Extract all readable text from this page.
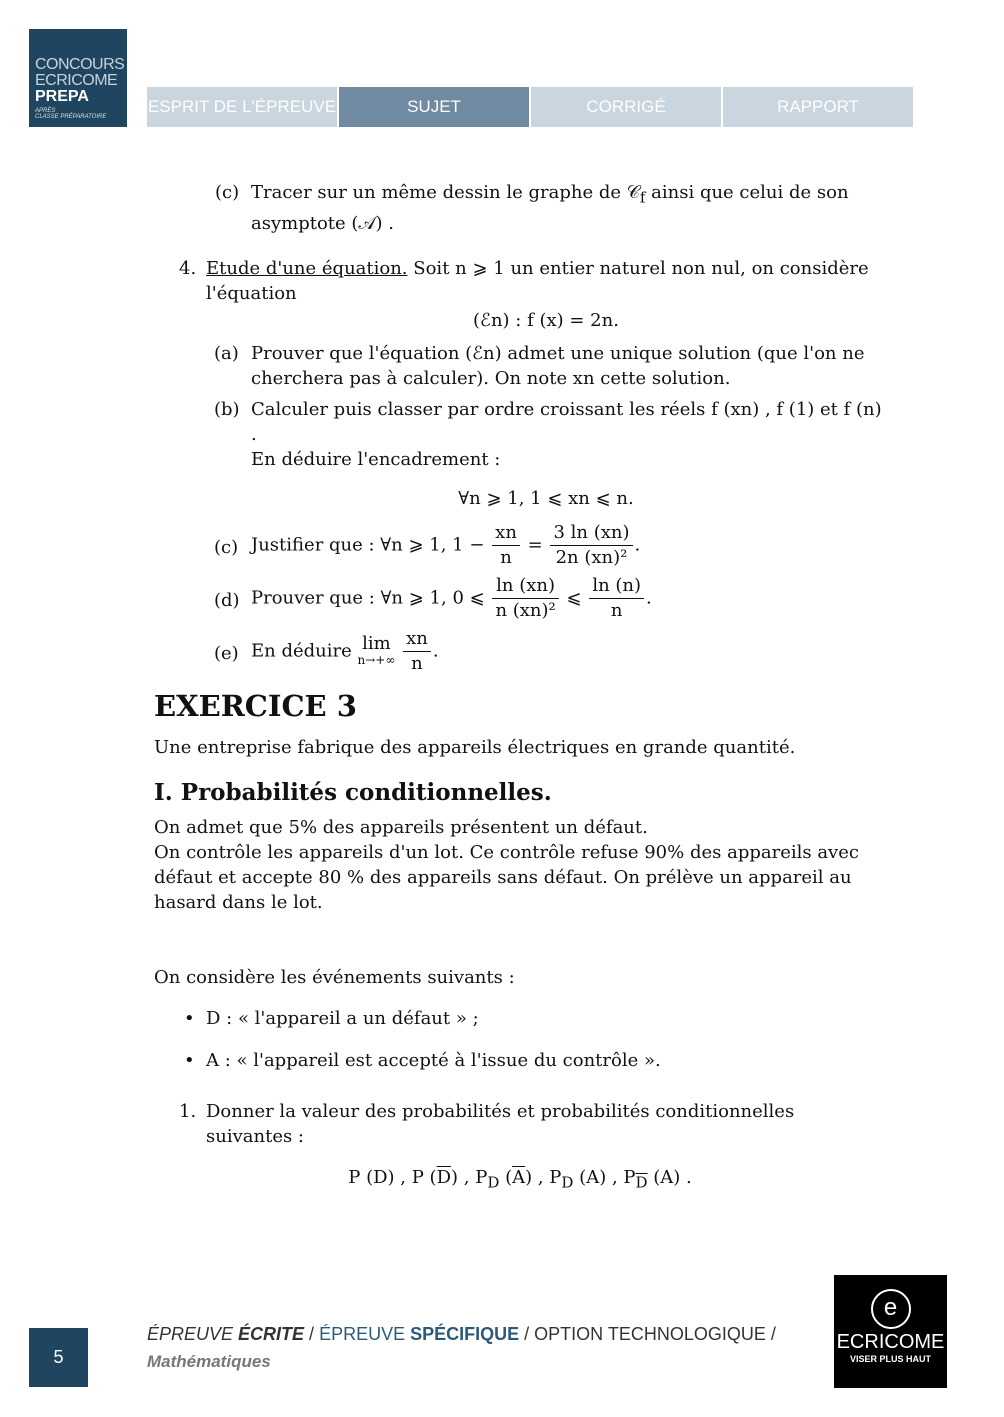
CONCOURS
ECRICOME
PREPA
APRÈS
CLASSE PRÉPARATOIRE
ESPRIT DE L'ÉPREUVE	SUJET	CORRIGÉ	RAPPORT
(c) Tracer sur un même dessin le graphe de 𝒞$_f$ ainsi que celui de son
asymptote (𝒜) .
4. Etude d'une équation. Soit n ⩾ 1 un entier naturel non nul, on considère
l'équation
(ℰn) : f (x) = 2n.
(a) Prouver que l'équation (ℰn) admet une unique solution (que l'on ne cherchera pas à calculer). On note xn cette solution.
(b) Calculer puis classer par ordre croissant les réels f (xn) , f (1) et f (n) .
En déduire l'encadrement :
∀n ⩾ 1, 1 ⩽ xn ⩽ n.
(c) Justifier que : ∀n ⩾ 1, $1 - \frac{xn}{n} = \frac{3 \ln (xn)}{\text{2n (xn)²}}$ .
(d) Prouver que : ∀n ⩾ 1, 0 ⩽ $\frac{\ln (xn)}{\text{n (xn)²}}$ ⩽ $\frac{\ln (n)}{n}$ .
(e) En déduire lim
n→+∞
$\frac{xn}{n}$ .
EXERCICE 3
Une entreprise fabrique des appareils électriques en grande quantité.
I. Probabilités conditionnelles.
On admet que 5% des appareils présentent un défaut.
On contrôle les appareils d'un lot. Ce contrôle refuse 90% des appareils avec défaut et accepte 80 % des appareils sans défaut. On prélève un appareil au hasard dans le lot.
On considère les événements suivants :
• D : « l'appareil a un défaut » ;
• A : « l'appareil est accepté à l'issue du contrôle ».
1. Donner la valeur des probabilités et probabilités conditionnelles suivantes :
P (D) , P $(\overline{D})$ , $P_D$ $(\overline{A})$ , $P_D$ (A) , $P_{\overline{D}}$ (A) .
5
ÉPREUVE ÉCRITE / ÉPREUVE SPÉCIFIQUE / OPTION TECHNOLOGIQUE /
Mathématiques
e
ECRICOME
VISER PLUS HAUT
